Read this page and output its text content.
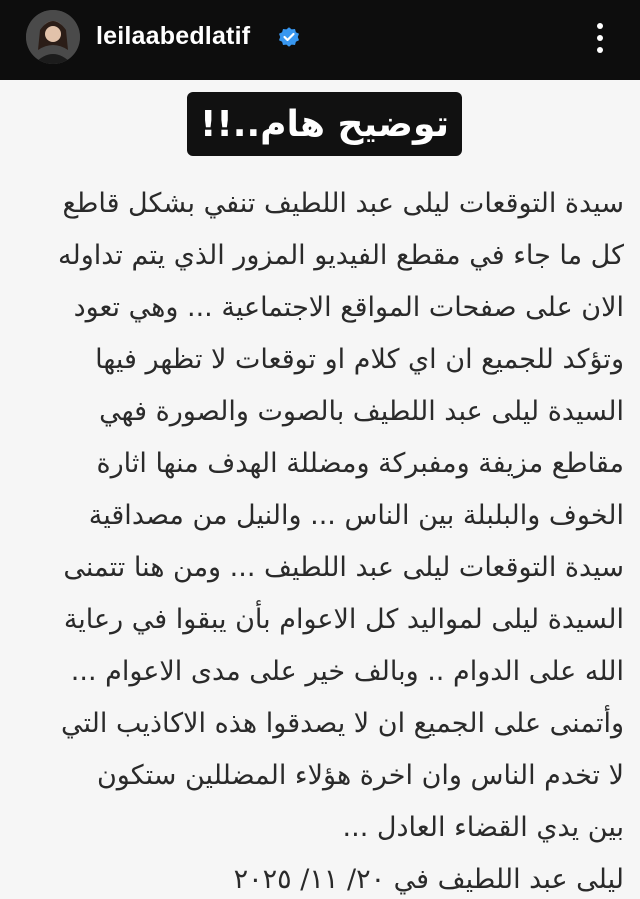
leilaabedlatif
توضيح هام..!!
سيدة التوقعات ليلى عبد اللطيف تنفي بشكل قاطع
كل ما جاء في مقطع الفيديو المزور الذي يتم تداوله
الان على صفحات المواقع الاجتماعية ... وهي تعود
وتؤكد للجميع ان اي كلام او توقعات لا تظهر فيها
السيدة ليلى عبد اللطيف بالصوت والصورة فهي
مقاطع مزيفة ومفبركة ومضللة الهدف منها اثارة
الخوف والبلبلة بين الناس ... والنيل من مصداقية
سيدة التوقعات ليلى عبد اللطيف ... ومن هنا تتمنى
السيدة ليلى لمواليد كل الاعوام بأن يبقوا في رعاية
الله على الدوام .. وبالف خير على مدى الاعوام ...
وأتمنى على الجميع ان لا يصدقوا هذه الاكاذيب التي
لا تخدم الناس وان اخرة هؤلاء المضللين ستكون
بين يدي القضاء العادل ...
ليلى عبد اللطيف في ٢٠/ ١١/ ٢٠٢٥
